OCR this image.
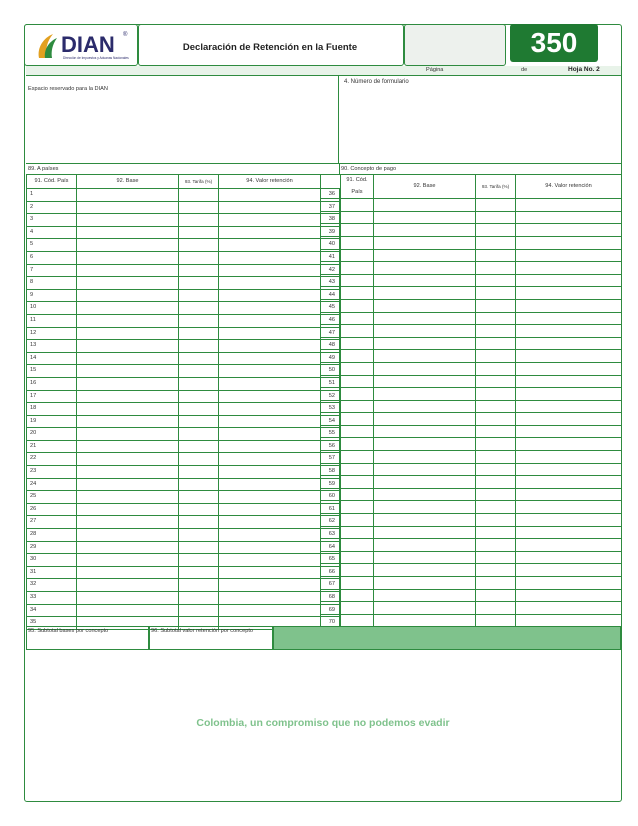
DIAN ®
Dirección de Impuestos y Aduanas Nacionales
Declaración de Retención en la Fuente	350
Página	de	Hoja No. 2
Espacio reservado para la DIAN
4. Número de formulario
89. A países	90. Concepto de pago
91. Cód. País	92. Base	93. Tarifa (%)	94. Valor retención	
1				36
2				37
3				38
4				39
5				40
6				41
7				42
8				43
9				44
10				45
11				46
12				47
13				48
14				49
15				50
16				51
17				52
18				53
19				54
20				55
21				56
22				57
23				58
24				59
25				60
26				61
27				62
28				63
29				64
30				65
31				66
32				67
33				68
34				69
35				70
	91. Cód. País	92. Base	93. Tarifa (%)	94. Valor retención

95. Subtotal bases por concepto	96. Subtotal valor retención por concepto
Colombia, un compromiso que no podemos evadir
